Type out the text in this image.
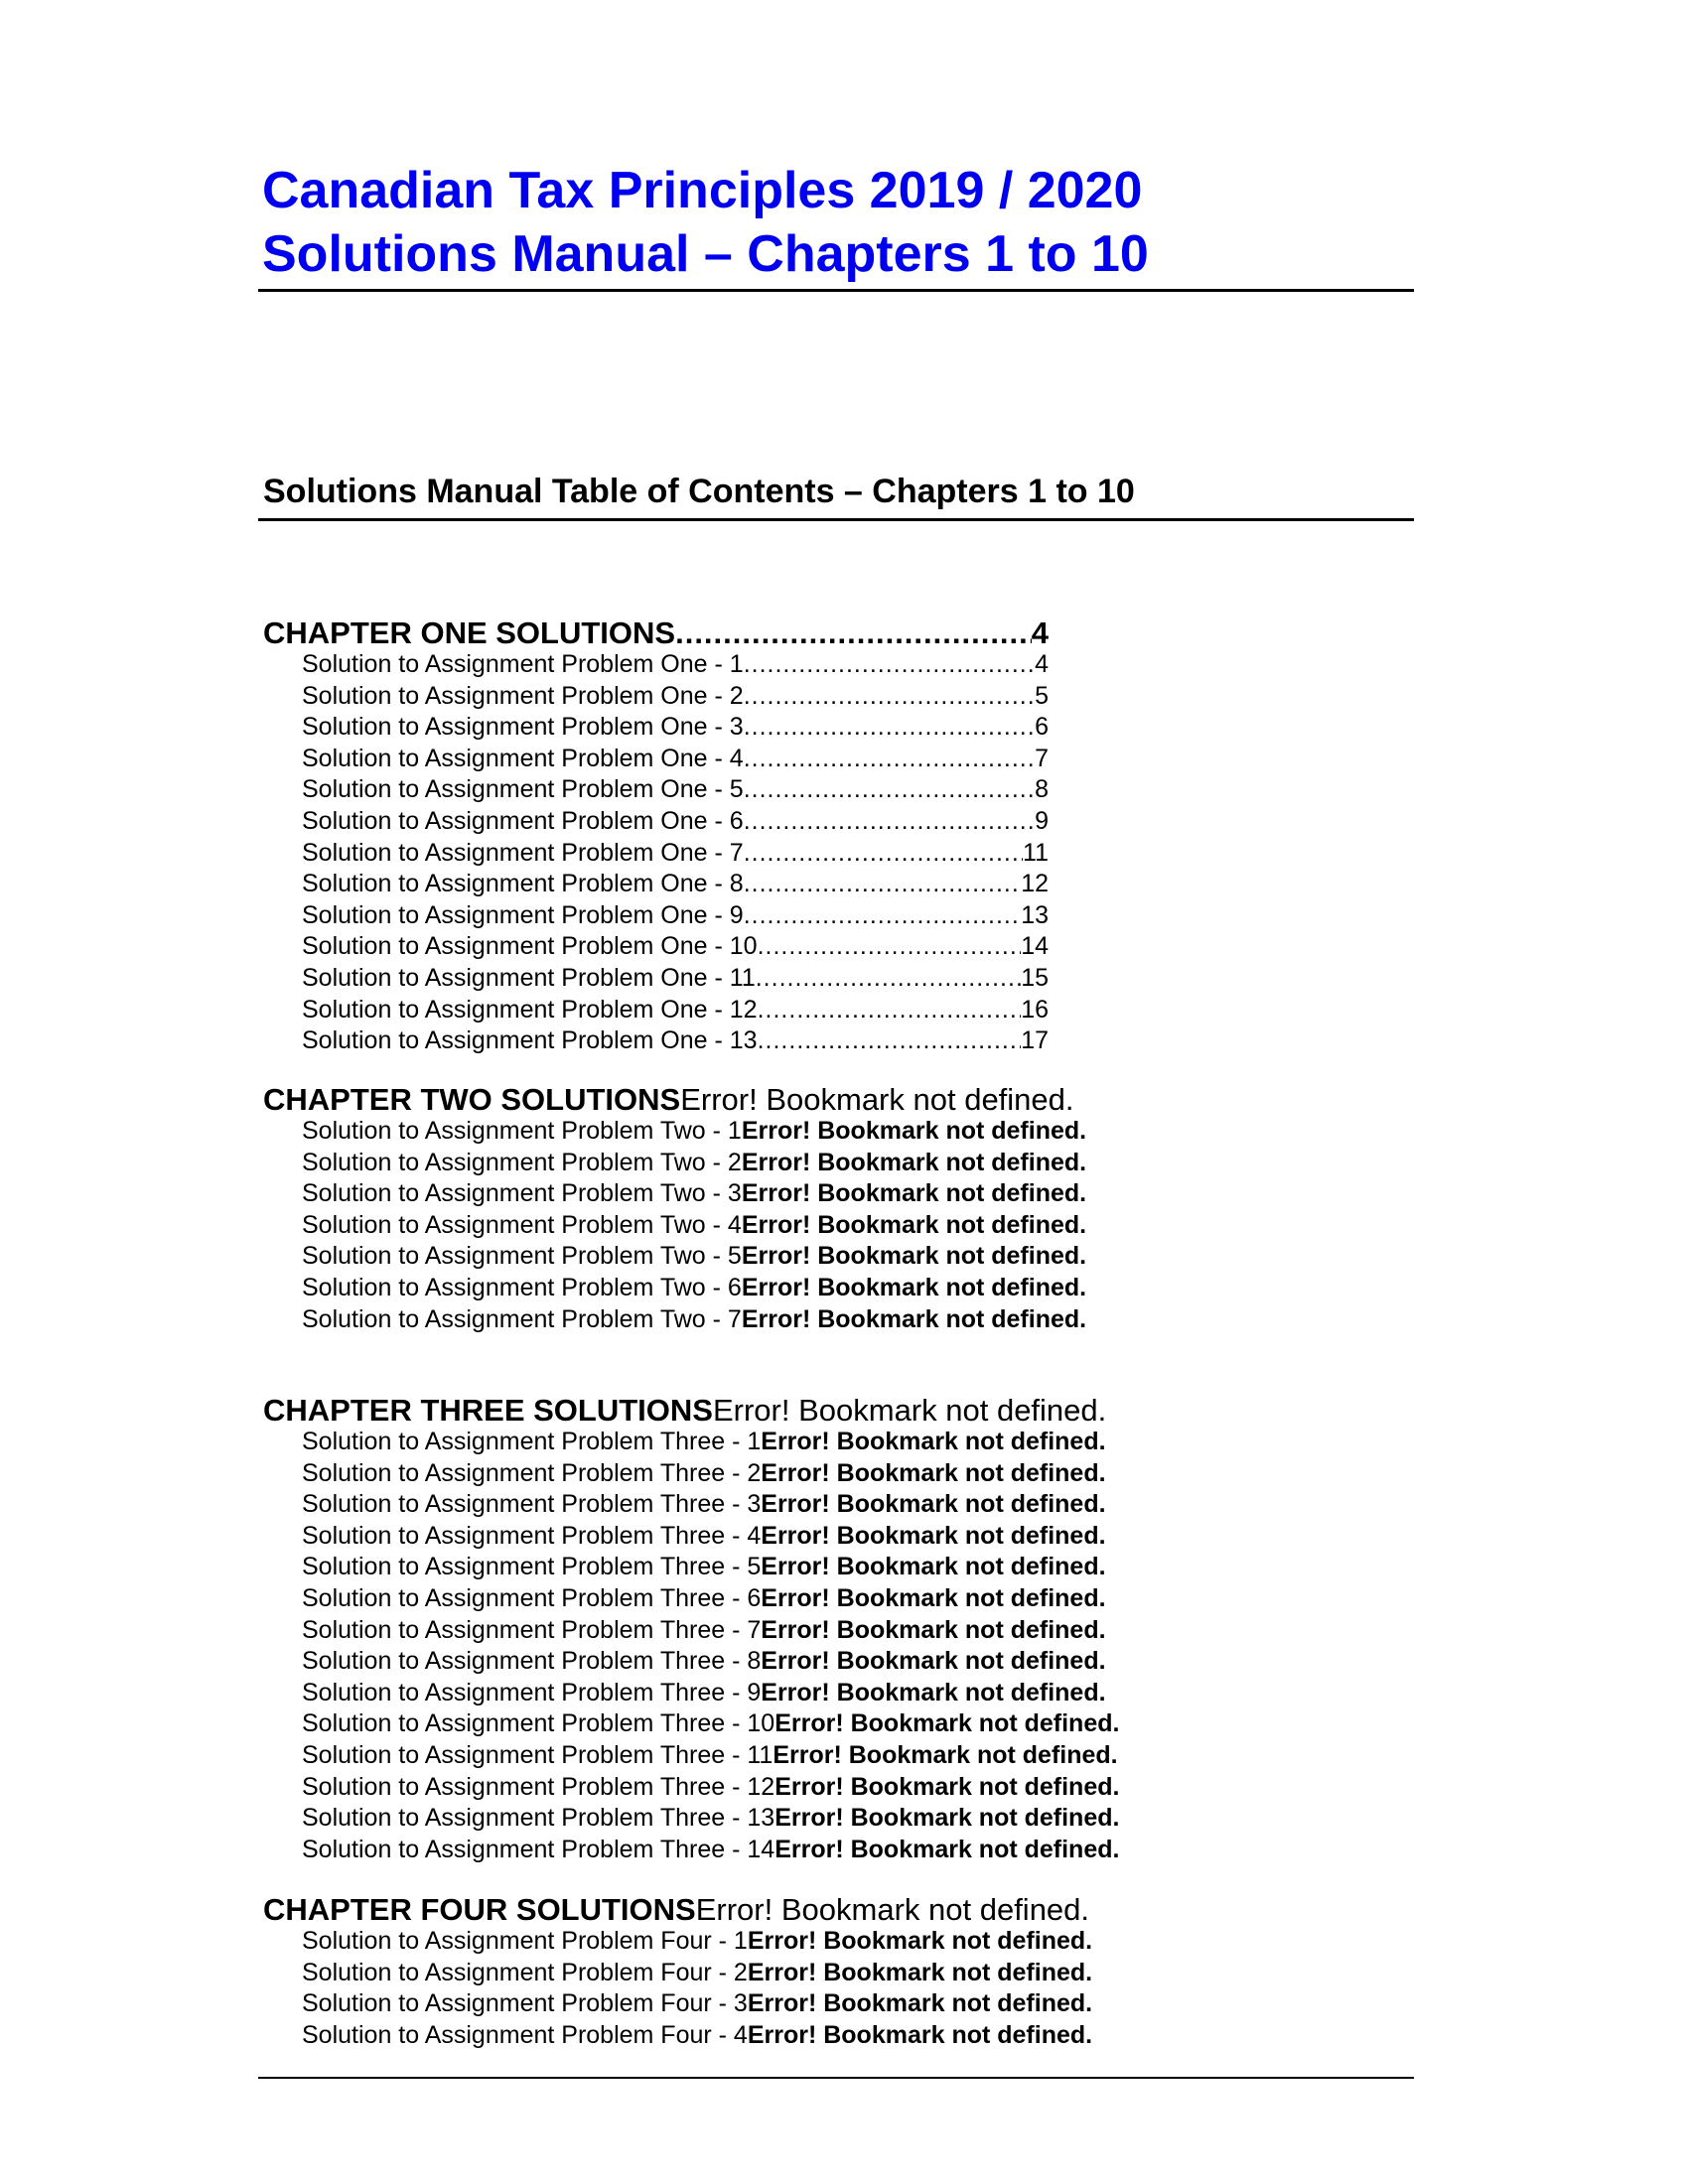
Canadian Tax Principles 2019 / 2020
Solutions Manual – Chapters 1 to 10
Solutions Manual Table of Contents – Chapters 1 to 10
CHAPTER ONE SOLUTIONS .....	4
Solution to Assignment Problem One - 1 .....	4
Solution to Assignment Problem One - 2 .....	5
Solution to Assignment Problem One - 3 .....	6
Solution to Assignment Problem One - 4 .....	7
Solution to Assignment Problem One - 5 .....	8
Solution to Assignment Problem One - 6 .....	9
Solution to Assignment Problem One - 7 .....	11
Solution to Assignment Problem One - 8 .....	12
Solution to Assignment Problem One - 9 .....	13
Solution to Assignment Problem One - 10 .....	14
Solution to Assignment Problem One - 11 .....	15
Solution to Assignment Problem One - 12 .....	16
Solution to Assignment Problem One - 13 .....	17
CHAPTER TWO SOLUTIONS Error! Bookmark not defined.
Solution to Assignment Problem Two - 1 Error! Bookmark not defined.
Solution to Assignment Problem Two - 2 Error! Bookmark not defined.
Solution to Assignment Problem Two - 3 Error! Bookmark not defined.
Solution to Assignment Problem Two - 4 Error! Bookmark not defined.
Solution to Assignment Problem Two - 5 Error! Bookmark not defined.
Solution to Assignment Problem Two - 6 Error! Bookmark not defined.
Solution to Assignment Problem Two - 7 Error! Bookmark not defined.
CHAPTER THREE SOLUTIONS Error! Bookmark not defined.
Solution to Assignment Problem Three - 1 Error! Bookmark not defined.
Solution to Assignment Problem Three - 2 Error! Bookmark not defined.
Solution to Assignment Problem Three - 3 Error! Bookmark not defined.
Solution to Assignment Problem Three - 4 Error! Bookmark not defined.
Solution to Assignment Problem Three - 5 Error! Bookmark not defined.
Solution to Assignment Problem Three - 6 Error! Bookmark not defined.
Solution to Assignment Problem Three - 7 Error! Bookmark not defined.
Solution to Assignment Problem Three - 8 Error! Bookmark not defined.
Solution to Assignment Problem Three - 9 Error! Bookmark not defined.
Solution to Assignment Problem Three - 10 Error! Bookmark not defined.
Solution to Assignment Problem Three - 11 Error! Bookmark not defined.
Solution to Assignment Problem Three - 12 Error! Bookmark not defined.
Solution to Assignment Problem Three - 13 Error! Bookmark not defined.
Solution to Assignment Problem Three - 14 Error! Bookmark not defined.
CHAPTER FOUR SOLUTIONS Error! Bookmark not defined.
Solution to Assignment Problem Four - 1 Error! Bookmark not defined.
Solution to Assignment Problem Four - 2 Error! Bookmark not defined.
Solution to Assignment Problem Four - 3 Error! Bookmark not defined.
Solution to Assignment Problem Four - 4 Error! Bookmark not defined.
